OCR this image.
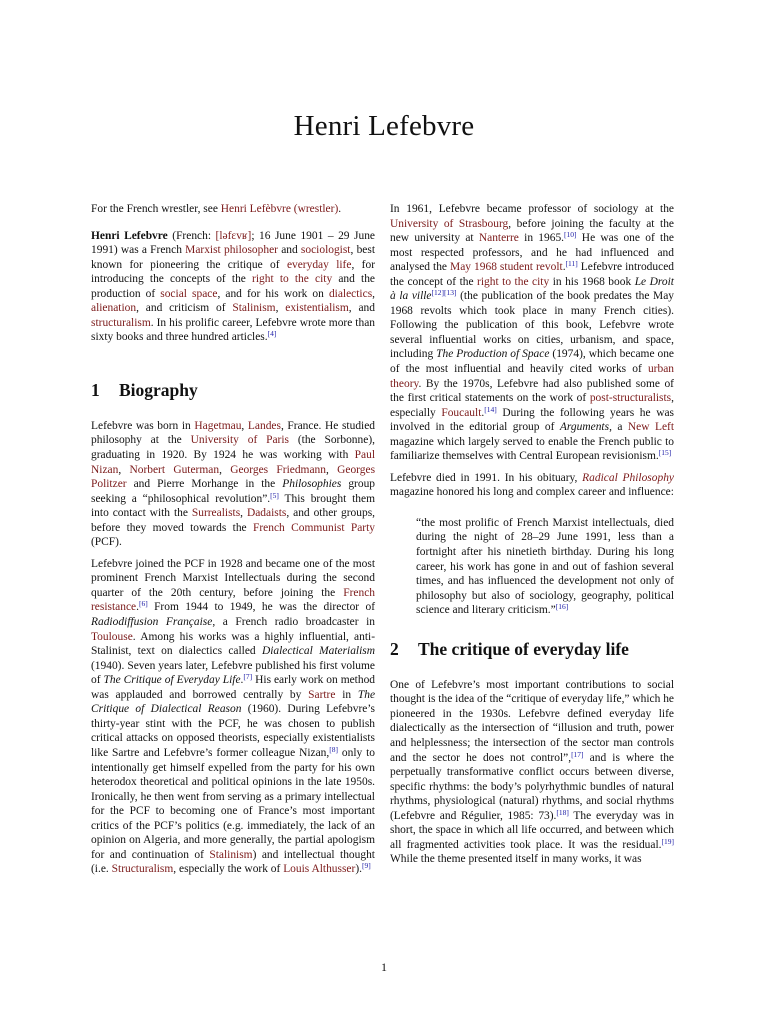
Henri Lefebvre

For the French wrestler, see Henri Lefèbvre (wrestler).

Henri Lefebvre (French: [ləfɛvʁ]; 16 June 1901 – 29 June 1991) was a French Marxist philosopher and sociologist, best known for pioneering the critique of everyday life, for introducing the concepts of the right to the city and the production of social space, and for his work on dialectics, alienation, and criticism of Stalinism, existentialism, and structuralism. In his prolific career, Lefebvre wrote more than sixty books and three hundred articles.[4]

1 Biography

Lefebvre was born in Hagetmau, Landes, France. He studied philosophy at the University of Paris (the Sorbonne), graduating in 1920. By 1924 he was working with Paul Nizan, Norbert Guterman, Georges Friedmann, Georges Politzer and Pierre Morhange in the Philosophies group seeking a “philosophical revolution”.[5] This brought them into contact with the Surrealists, Dadaists, and other groups, before they moved towards the French Communist Party (PCF).

Lefebvre joined the PCF in 1928 and became one of the most prominent French Marxist Intellectuals during the second quarter of the 20th century, before joining the French resistance.[6] From 1944 to 1949, he was the director of Radiodiffusion Française, a French radio broadcaster in Toulouse. Among his works was a highly influential, anti-Stalinist, text on dialectics called Dialectical Materialism (1940). Seven years later, Lefebvre published his first volume of The Critique of Everyday Life.[7] His early work on method was applauded and borrowed centrally by Sartre in The Critique of Dialectical Reason (1960). During Lefebvre’s thirty-year stint with the PCF, he was chosen to publish critical attacks on opposed theorists, especially existentialists like Sartre and Lefebvre’s former colleague Nizan,[8] only to intentionally get himself expelled from the party for his own heterodox theoretical and political opinions in the late 1950s. Ironically, he then went from serving as a primary intellectual for the PCF to becoming one of France’s most important critics of the PCF’s politics (e.g. immediately, the lack of an opinion on Algeria, and more generally, the partial apologism for and continuation of Stalinism) and intellectual thought (i.e. Structuralism, especially the work of Louis Althusser).[9]

In 1961, Lefebvre became professor of sociology at the University of Strasbourg, before joining the faculty at the new university at Nanterre in 1965.[10] He was one of the most respected professors, and he had influenced and analysed the May 1968 student revolt.[11] Lefebvre introduced the concept of the right to the city in his 1968 book Le Droit à la ville[12][13] (the publication of the book predates the May 1968 revolts which took place in many French cities). Following the publication of this book, Lefebvre wrote several influential works on cities, urbanism, and space, including The Production of Space (1974), which became one of the most influential and heavily cited works of urban theory. By the 1970s, Lefebvre had also published some of the first critical statements on the work of post-structuralists, especially Foucault.[14] During the following years he was involved in the editorial group of Arguments, a New Left magazine which largely served to enable the French public to familiarize themselves with Central European revisionism.[15]

Lefebvre died in 1991. In his obituary, Radical Philosophy magazine honored his long and complex career and influence:

“the most prolific of French Marxist intellectuals, died during the night of 28–29 June 1991, less than a fortnight after his ninetieth birthday. During his long career, his work has gone in and out of fashion several times, and has influenced the development not only of philosophy but also of sociology, geography, political science and literary criticism.”[16]

2 The critique of everyday life

One of Lefebvre’s most important contributions to social thought is the idea of the “critique of everyday life,” which he pioneered in the 1930s. Lefebvre defined everyday life dialectically as the intersection of “illusion and truth, power and helplessness; the intersection of the sector man controls and the sector he does not control”,[17] and is where the perpetually transformative conflict occurs between diverse, specific rhythms: the body’s polyrhythmic bundles of natural rhythms, physiological (natural) rhythms, and social rhythms (Lefebvre and Régulier, 1985: 73).[18] The everyday was in short, the space in which all life occurred, and between which all fragmented activities took place. It was the residual.[19] While the theme presented itself in many works, it was

1
